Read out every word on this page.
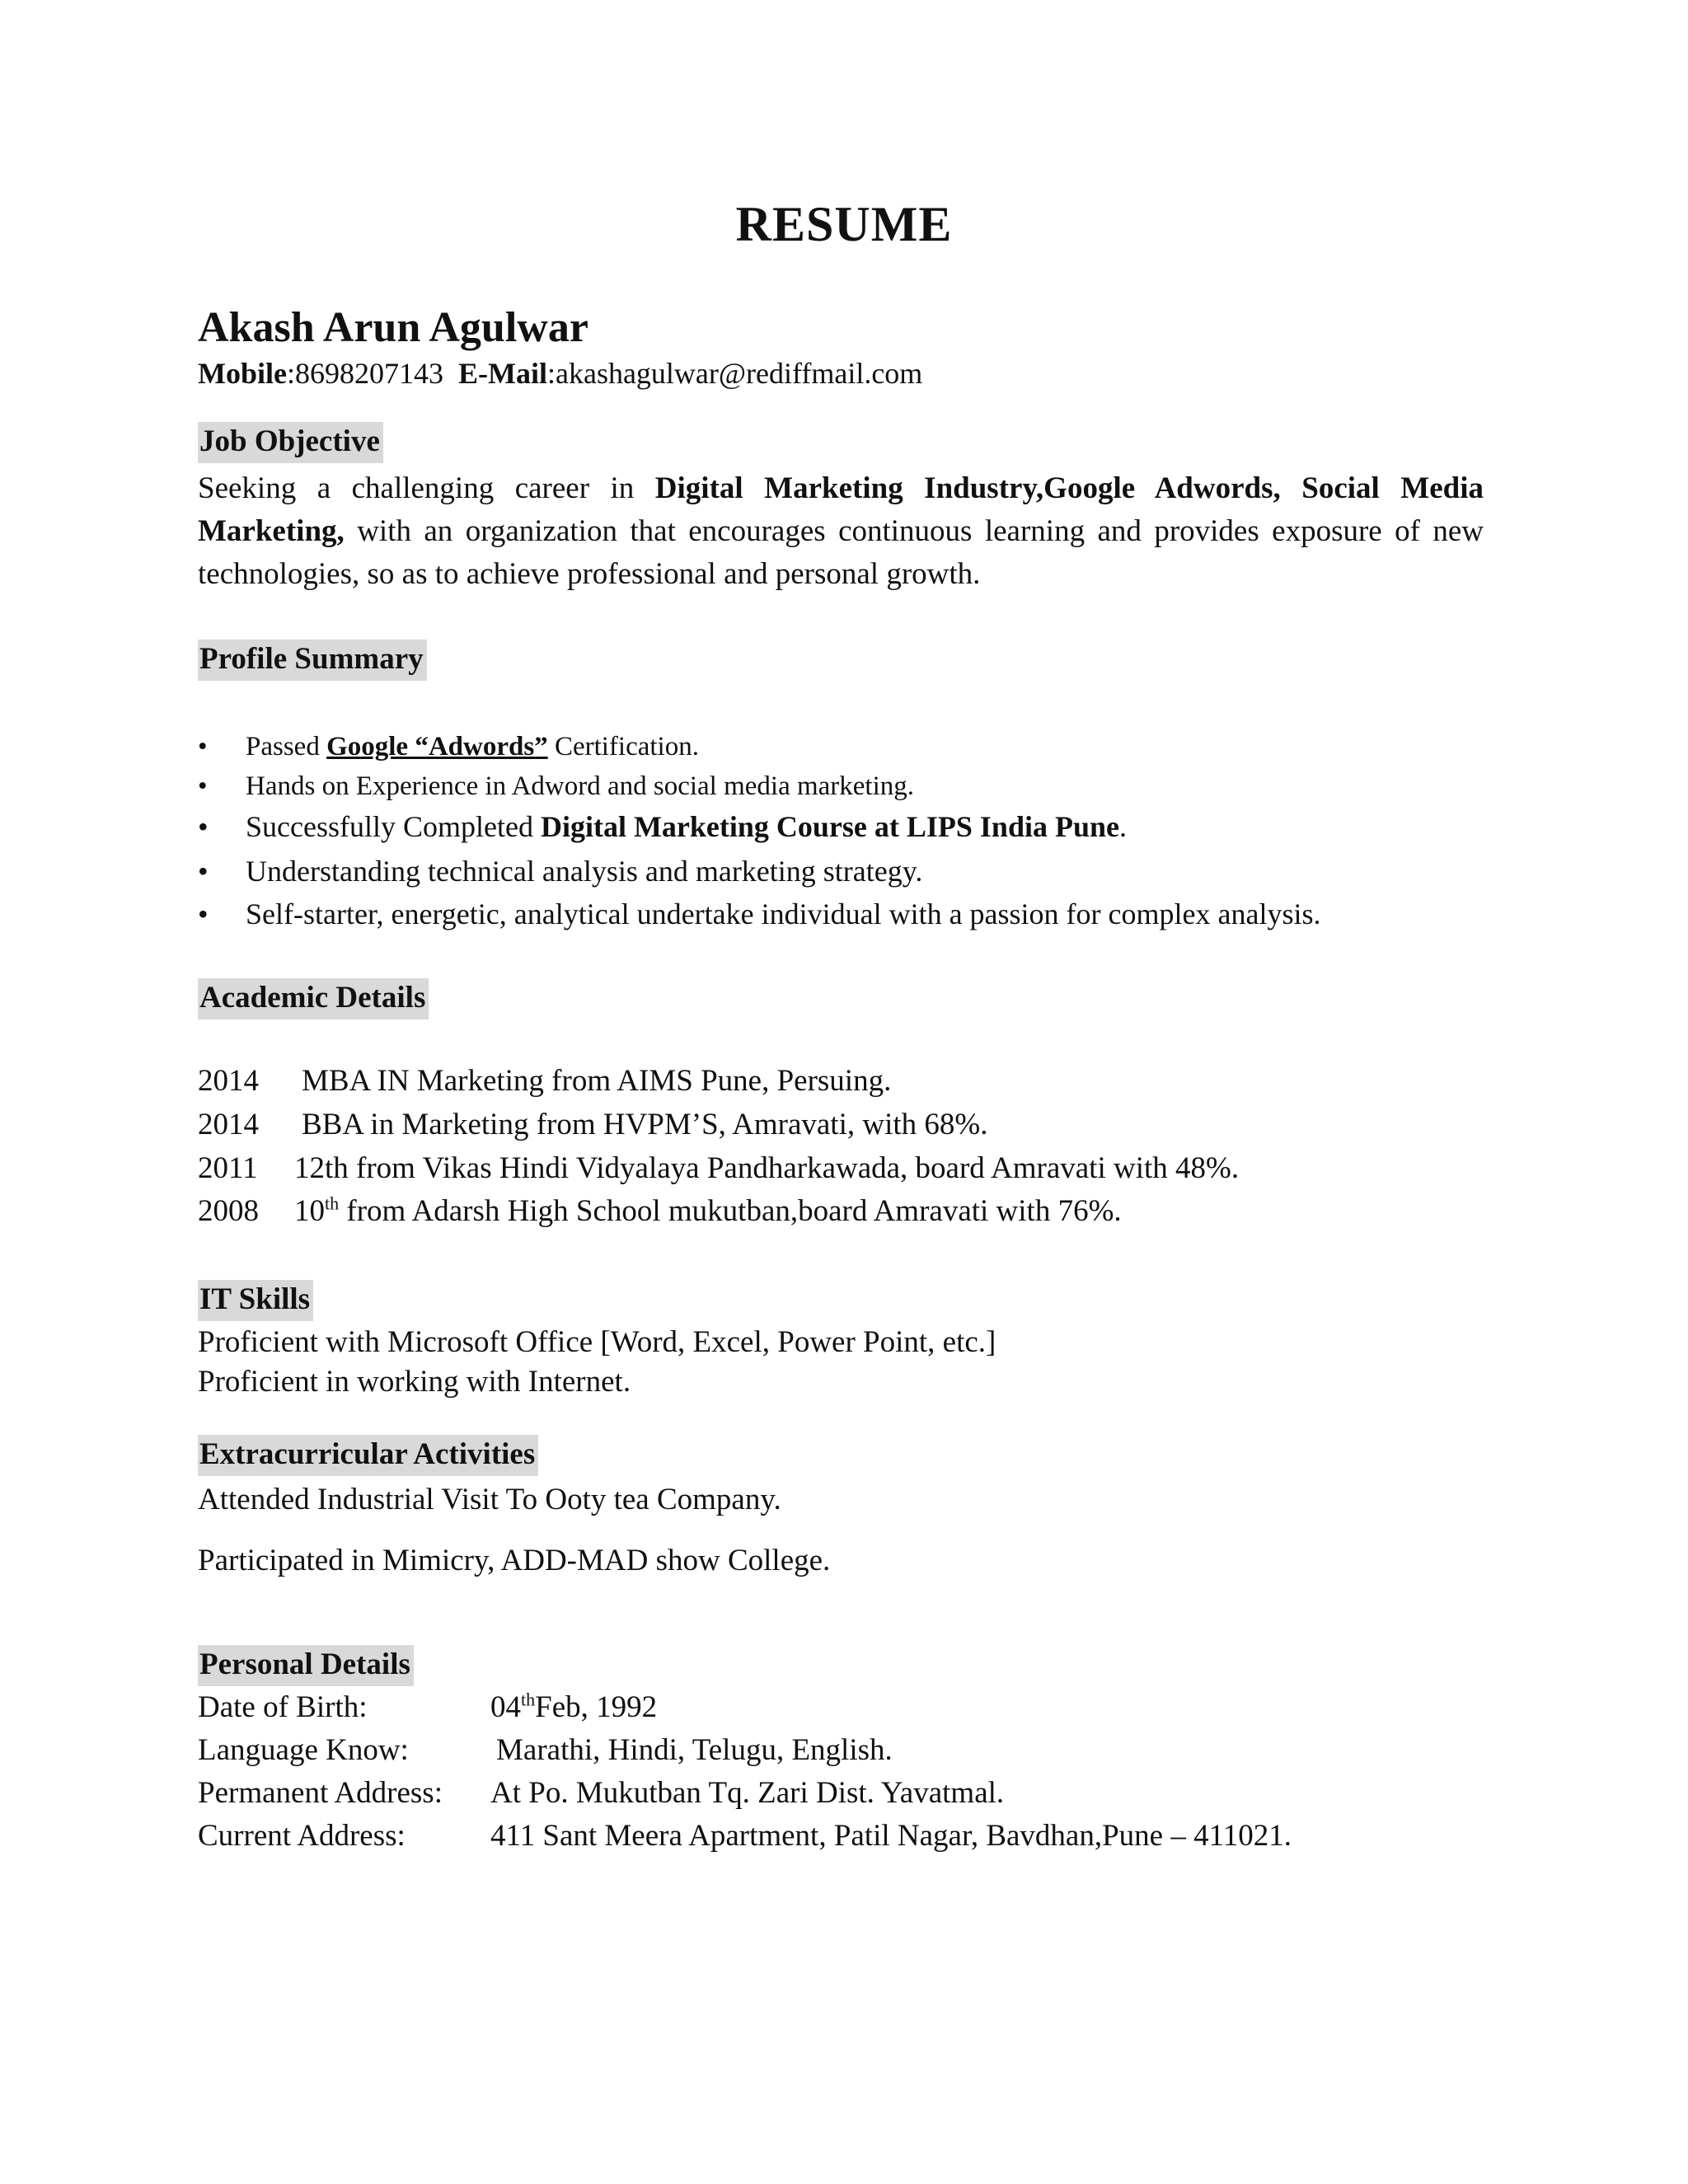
RESUME
Akash Arun Agulwar
Mobile:8698207143 E-Mail:akashagulwar@rediffmail.com
Job Objective
Seeking a challenging career in Digital Marketing Industry,Google Adwords, Social Media Marketing, with an organization that encourages continuous learning and provides exposure of new technologies, so as to achieve professional and personal growth.
Profile Summary
•	Passed Google “Adwords” Certification.
•	Hands on Experience in Adword and social media marketing.
•	Successfully Completed Digital Marketing Course at LIPS India Pune.
•	Understanding technical analysis and marketing strategy.
•	Self-starter, energetic, analytical undertake individual with a passion for complex analysis.
Academic Details
2014 MBA IN Marketing from AIMS Pune, Persuing.
2014 BBA in Marketing from HVPM’S, Amravati, with 68%.
2011 12th from Vikas Hindi Vidyalaya Pandharkawada, board Amravati with 48%.
2008 10th from Adarsh High School mukutban,board Amravati with 76%.
IT Skills
Proficient with Microsoft Office [Word, Excel, Power Point, etc.]
Proficient in working with Internet.
Extracurricular Activities
Attended Industrial Visit To Ooty tea Company.
Participated in Mimicry, ADD-MAD show College.
Personal Details
Date of Birth:	04thFeb, 1992
Language Know:	Marathi, Hindi, Telugu, English.
Permanent Address: At Po. Mukutban Tq. Zari Dist. Yavatmal.
Current Address:	411 Sant Meera Apartment, Patil Nagar, Bavdhan,Pune – 411021.
